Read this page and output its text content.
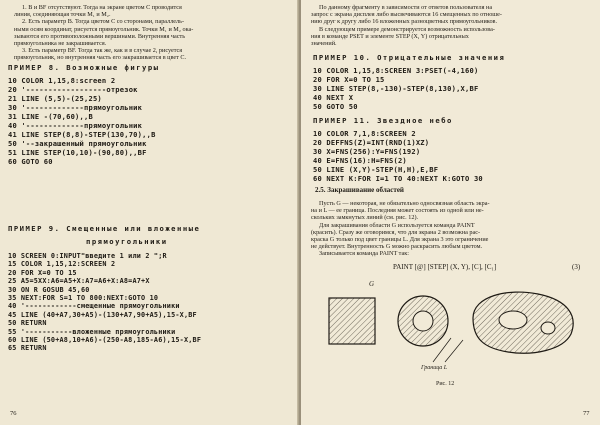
1. B и BF отсутствуют. Тогда на экране цветом C проводится
линия, соединяющая точки M₁ и M₂.
2. Есть параметр B. Тогда цветом C со сторонами, параллель-
ными осям координат, рисуется прямоугольник. Точки M₁ и M₂ ока-
зываются его противоположными вершинами. Внутренняя часть
прямоугольника не закрашивается.
3. Есть параметр BF. Тогда так же, как и в случае 2, рисуется
прямоугольник, но внутренняя часть его закрашивается в цвет C.
ПРИМЕР 8. Возможные фигуры
10 COLOR 1,15,8:screen 2
20 '------------------отрезок
21 LINE (5,5)-(25,25)
30 '-------------прямоугольник
31 LINE -(70,60),,B
40 '-------------прямоугольник
41 LINE STEP(8,8)-STEP(130,70),,B
50 '--закрашенный прямоугольник
51 LINE STEP(10,10)-(90,80),,BF
60 GOTO 60
ПРИМЕР 9. Смещенные или вложенные
прямоугольники
10 SCREEN 0:INPUT"введите 1 или 2 ";R
15 COLOR 1,15,12:SCREEN 2
20 FOR X=0 TO 15
25 A5=5XX:A6=A5+X:A7=A6+X:A8=A7+X
30 ON R GOSUB 45,60
35 NEXT:FOR S=1 TO 800:NEXT:GOTO 10
40 '------------смещенные прямоугольники
45 LINE (40+A7,30+A5)-(130+A7,90+A5),15-X,BF
50 RETURN
55 '-----------вложенные прямоугольники
60 LINE (50+A8,10+A6)-(250-A8,185-A6),15-X,BF
65 RETURN
76
По данному фрагменту в зависимости от ответов пользователя на
запрос с экрана дисплея либо высвечиваются 16 смещенных по отноше-
нию друг к другу либо 16 вложенных разноцветных прямоугольников.
В следующем примере демонстрируется возможность использова-
ния в команде PSET и элементе STEP (X, Y) отрицательных
значений.
ПРИМЕР 10. Отрицательные значения
10 COLOR 1,15,8:SCREEN 3:PSET(-4,160)
20 FOR X=0 TO 15
30 LINE STEP(8,-130)-STEP(8,130),X,BF
40 NEXT X
50 GOTO 50
ПРИМЕР 11. Звездное небо
10 COLOR 7,1,8:SCREEN 2
20 DEFFNS(Z)=INT(RND(1)XZ)
30 X=FNS(256):Y=FNS(192)
40 E=FNS(16):H=FNS(2)
50 LINE (X,Y)-STEP(H,H),E,BF
60 NEXT K:FOR I=1 TO 40:NEXT K:GOTO 30
2.5. Закрашивание областей
Пусть G — некоторая, не обязательно односвязная область экра-
на и L — ее граница. Последняя может состоять из одной или не-
скольких замкнутых линий (см. рис. 12).
Для закрашивания области G используется команда PAINT
(красить). Сразу же оговоримся, что для экрана 2 возможна рас-
краска G только под цвет границы L. Для экрана 3 это ограничение
не действует. Внутренность G можно раскрасить любым цветом.
Записывается команда PAINT так:
PAINT [@] [STEP] (X, Y), [C], [C₁]	(3)
G
Граница L
Рис. 12
77
